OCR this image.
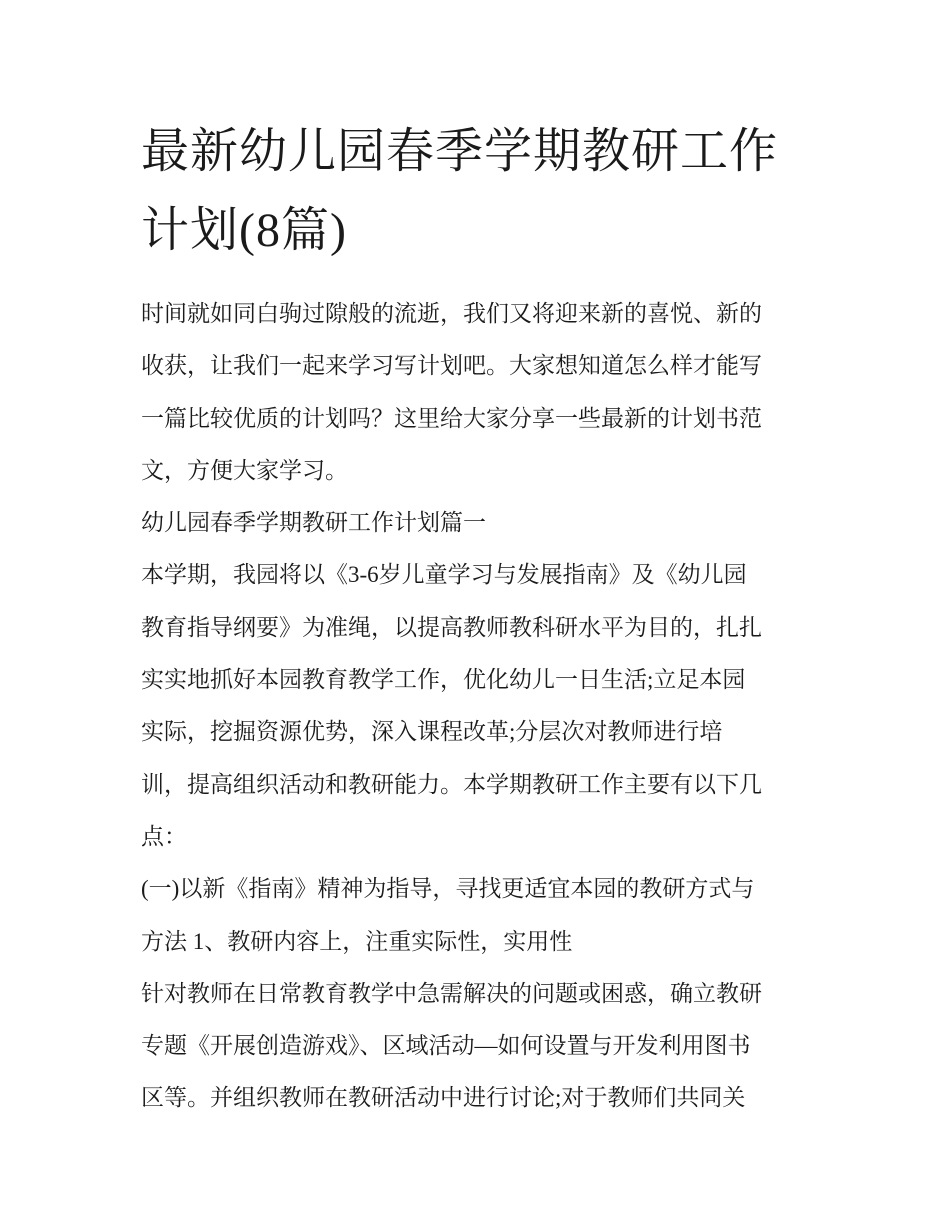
最新幼儿园春季学期教研工作
计划(8篇)

时间就如同白驹过隙般的流逝，我们又将迎来新的喜悦、新的

收获，让我们一起来学习写计划吧。大家想知道怎么样才能写

一篇比较优质的计划吗？这里给大家分享一些最新的计划书范

文，方便大家学习。

幼儿园春季学期教研工作计划篇一

本学期，我园将以《3-6岁儿童学习与发展指南》及《幼儿园

教育指导纲要》为准绳，以提高教师教科研水平为目的，扎扎

实实地抓好本园教育教学工作，优化幼儿一日生活;立足本园

实际，挖掘资源优势，深入课程改革;分层次对教师进行培

训，提高组织活动和教研能力。本学期教研工作主要有以下几

点：

(一)以新《指南》精神为指导，寻找更适宜本园的教研方式与

方法 1、教研内容上，注重实际性，实用性

针对教师在日常教育教学中急需解决的问题或困惑，确立教研

专题《开展创造游戏》、区域活动—如何设置与开发利用图书

区等。并组织教师在教研活动中进行讨论;对于教师们共同关
